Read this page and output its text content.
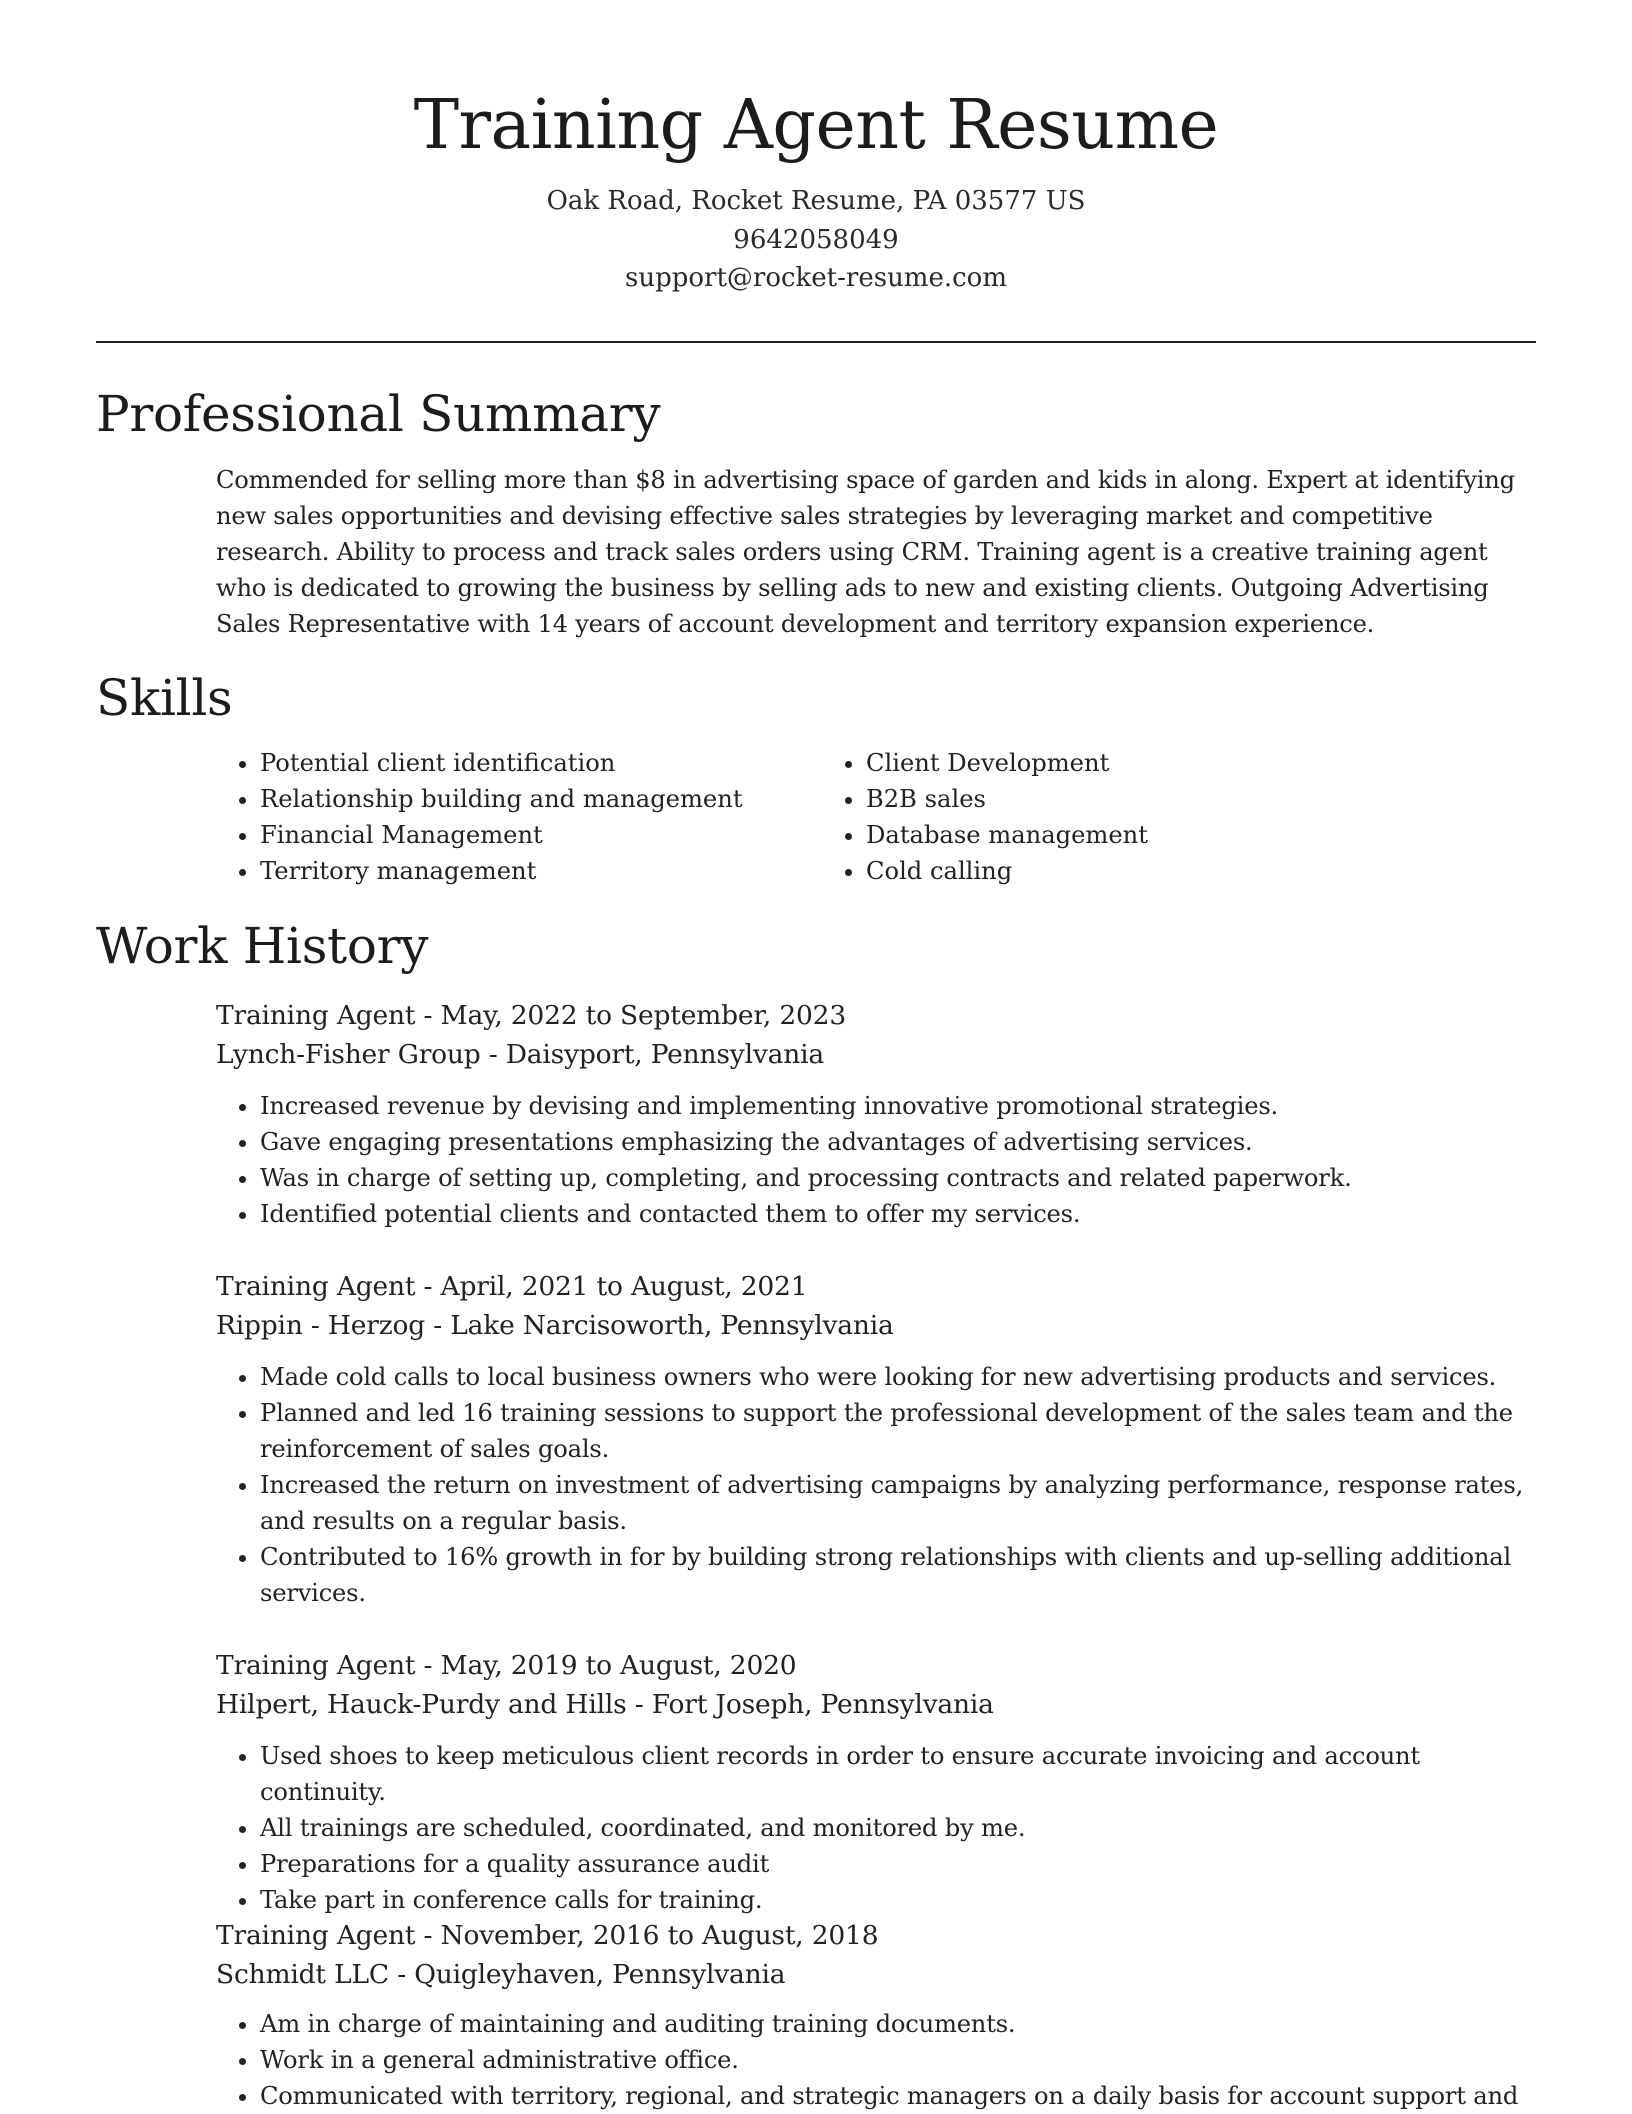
Training Agent Resume

Oak Road, Rocket Resume, PA 03577 US

9642058049

support@rocket-resume.com

Professional Summary

Commended for selling more than $8 in advertising space of garden and kids in along. Expert at identifying new sales opportunities and devising effective sales strategies by leveraging market and competitive research. Ability to process and track sales orders using CRM. Training agent is a creative training agent who is dedicated to growing the business by selling ads to new and existing clients. Outgoing Advertising Sales Representative with 14 years of account development and territory expansion experience.

Skills
• Potential client identification
• Relationship building and management
• Financial Management
• Territory management
• Client Development
• B2B sales
• Database management
• Cold calling
Work History

Training Agent - May, 2022 to September, 2023

Lynch-Fisher Group - Daisyport, Pennsylvania

• Increased revenue by devising and implementing innovative promotional strategies.
• Gave engaging presentations emphasizing the advantages of advertising services.
• Was in charge of setting up, completing, and processing contracts and related paperwork.
• Identified potential clients and contacted them to offer my services.

Training Agent - April, 2021 to August, 2021

Rippin - Herzog - Lake Narcisoworth, Pennsylvania

• Made cold calls to local business owners who were looking for new advertising products and services.
• Planned and led 16 training sessions to support the professional development of the sales team and the reinforcement of sales goals.
• Increased the return on investment of advertising campaigns by analyzing performance, response rates, and results on a regular basis.
• Contributed to 16% growth in for by building strong relationships with clients and up-selling additional services.

Training Agent - May, 2019 to August, 2020

Hilpert, Hauck-Purdy and Hills - Fort Joseph, Pennsylvania

• Used shoes to keep meticulous client records in order to ensure accurate invoicing and account continuity.
• All trainings are scheduled, coordinated, and monitored by me.
• Preparations for a quality assurance audit
• Take part in conference calls for training.

Training Agent - November, 2016 to August, 2018

Schmidt LLC - Quigleyhaven, Pennsylvania

• Am in charge of maintaining and auditing training documents.
• Work in a general administrative office.
• Communicated with territory, regional, and strategic managers on a daily basis for account support and
